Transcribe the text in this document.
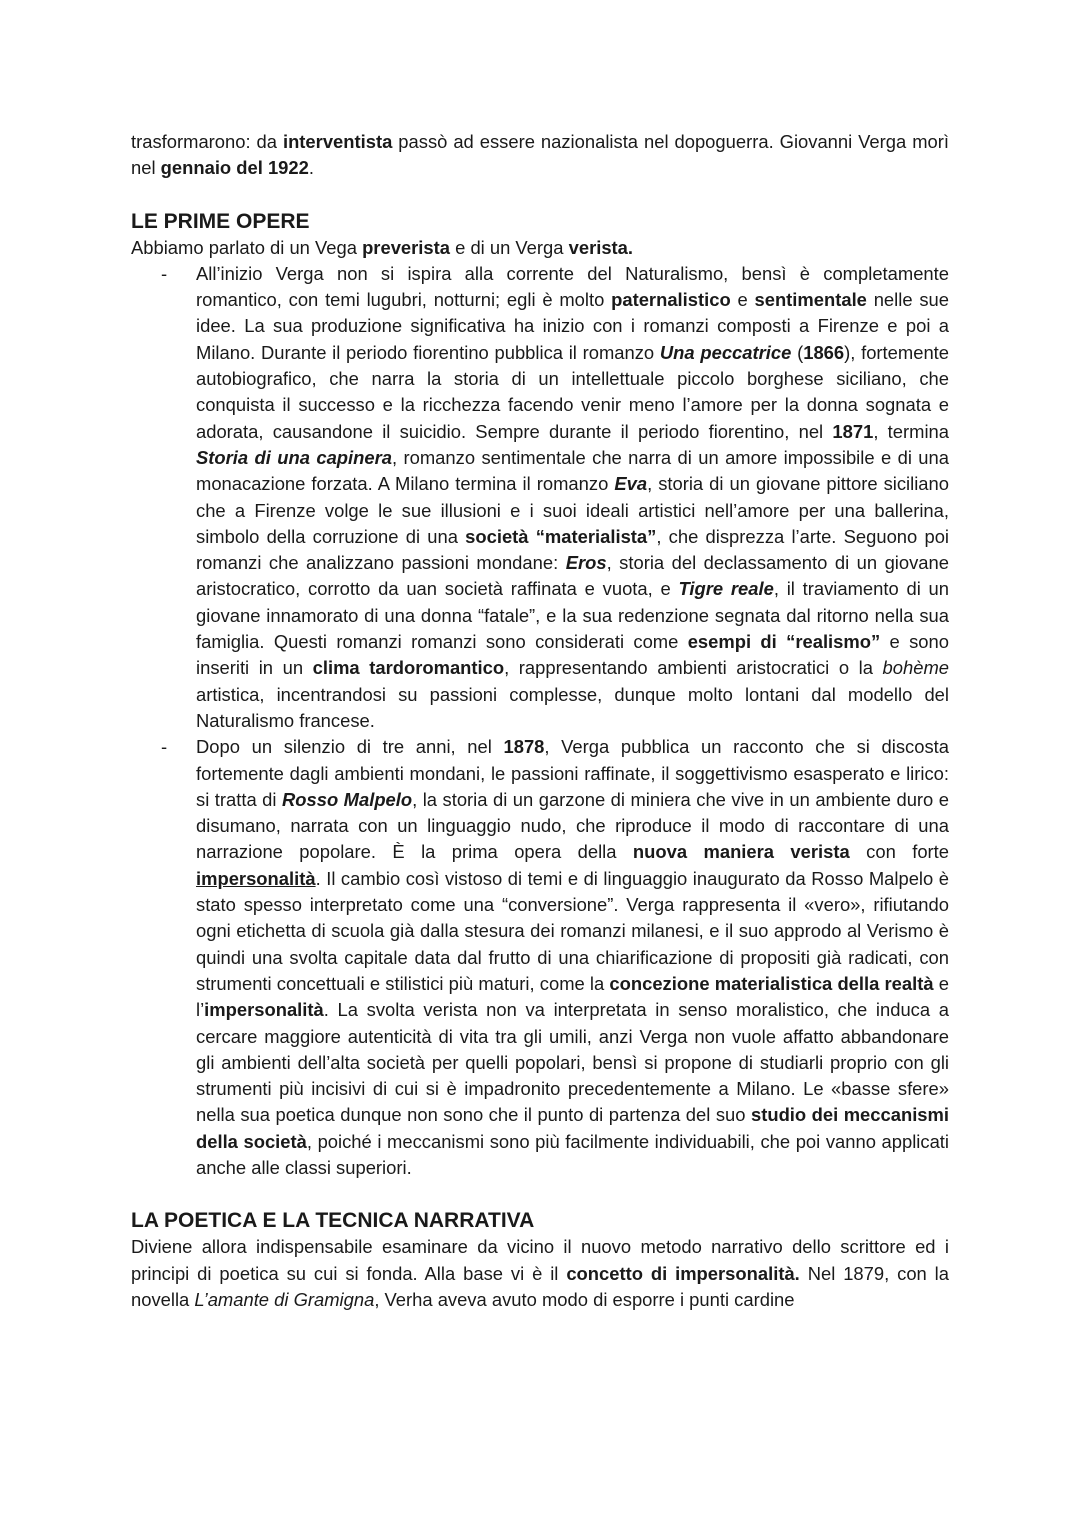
trasformarono: da interventista passò ad essere nazionalista nel dopoguerra. Giovanni Verga morì nel gennaio del 1922.

LE PRIME OPERE

Abbiamo parlato di un Vega preverista e di un Verga verista.

- All’inizio Verga non si ispira alla corrente del Naturalismo, bensì è completamente romantico, con temi lugubri, notturni; egli è molto paternalistico e sentimentale nelle sue idee. La sua produzione significativa ha inizio con i romanzi composti a Firenze e poi a Milano. Durante il periodo fiorentino pubblica il romanzo Una peccatrice (1866), fortemente autobiografico, che narra la storia di un intellettuale piccolo borghese siciliano, che conquista il successo e la ricchezza facendo venir meno l’amore per la donna sognata e adorata, causandone il suicidio. Sempre durante il periodo fiorentino, nel 1871, termina Storia di una capinera, romanzo sentimentale che narra di un amore impossibile e di una monacazione forzata. A Milano termina il romanzo Eva, storia di un giovane pittore siciliano che a Firenze volge le sue illusioni e i suoi ideali artistici nell’amore per una ballerina, simbolo della corruzione di una società “materialista”, che disprezza l’arte. Seguono poi romanzi che analizzano passioni mondane: Eros, storia del declassamento di un giovane aristocratico, corrotto da uan società raffinata e vuota, e Tigre reale, il traviamento di un giovane innamorato di una donna “fatale”, e la sua redenzione segnata dal ritorno nella sua famiglia. Questi romanzi romanzi sono considerati come esempi di “realismo” e sono inseriti in un clima tardoromantico, rappresentando ambienti aristocratici o la bohème artistica, incentrandosi su passioni complesse, dunque molto lontani dal modello del Naturalismo francese.
- Dopo un silenzio di tre anni, nel 1878, Verga pubblica un racconto che si discosta fortemente dagli ambienti mondani, le passioni raffinate, il soggettivismo esasperato e lirico: si tratta di Rosso Malpelo, la storia di un garzone di miniera che vive in un ambiente duro e disumano, narrata con un linguaggio nudo, che riproduce il modo di raccontare di una narrazione popolare. È la prima opera della nuova maniera verista con forte impersonalità. Il cambio così vistoso di temi e di linguaggio inaugurato da Rosso Malpelo è stato spesso interpretato come una “conversione”. Verga rappresenta il «vero», rifiutando ogni etichetta di scuola già dalla stesura dei romanzi milanesi, e il suo approdo al Verismo è quindi una svolta capitale data dal frutto di una chiarificazione di propositi già radicati, con strumenti concettuali e stilistici più maturi, come la concezione materialistica della realtà e l’impersonalità. La svolta verista non va interpretata in senso moralistico, che induca a cercare maggiore autenticità di vita tra gli umili, anzi Verga non vuole affatto abbandonare gli ambienti dell’alta società per quelli popolari, bensì si propone di studiarli proprio con gli strumenti più incisivi di cui si è impadronito precedentemente a Milano. Le «basse sfere» nella sua poetica dunque non sono che il punto di partenza del suo studio dei meccanismi della società, poiché i meccanismi sono più facilmente individuabili, che poi vanno applicati anche alle classi superiori.
LA POETICA E LA TECNICA NARRATIVA

Diviene allora indispensabile esaminare da vicino il nuovo metodo narrativo dello scrittore ed i principi di poetica su cui si fonda. Alla base vi è il concetto di impersonalità. Nel 1879, con la novella L’amante di Gramigna, Verha aveva avuto modo di esporre i punti cardine
